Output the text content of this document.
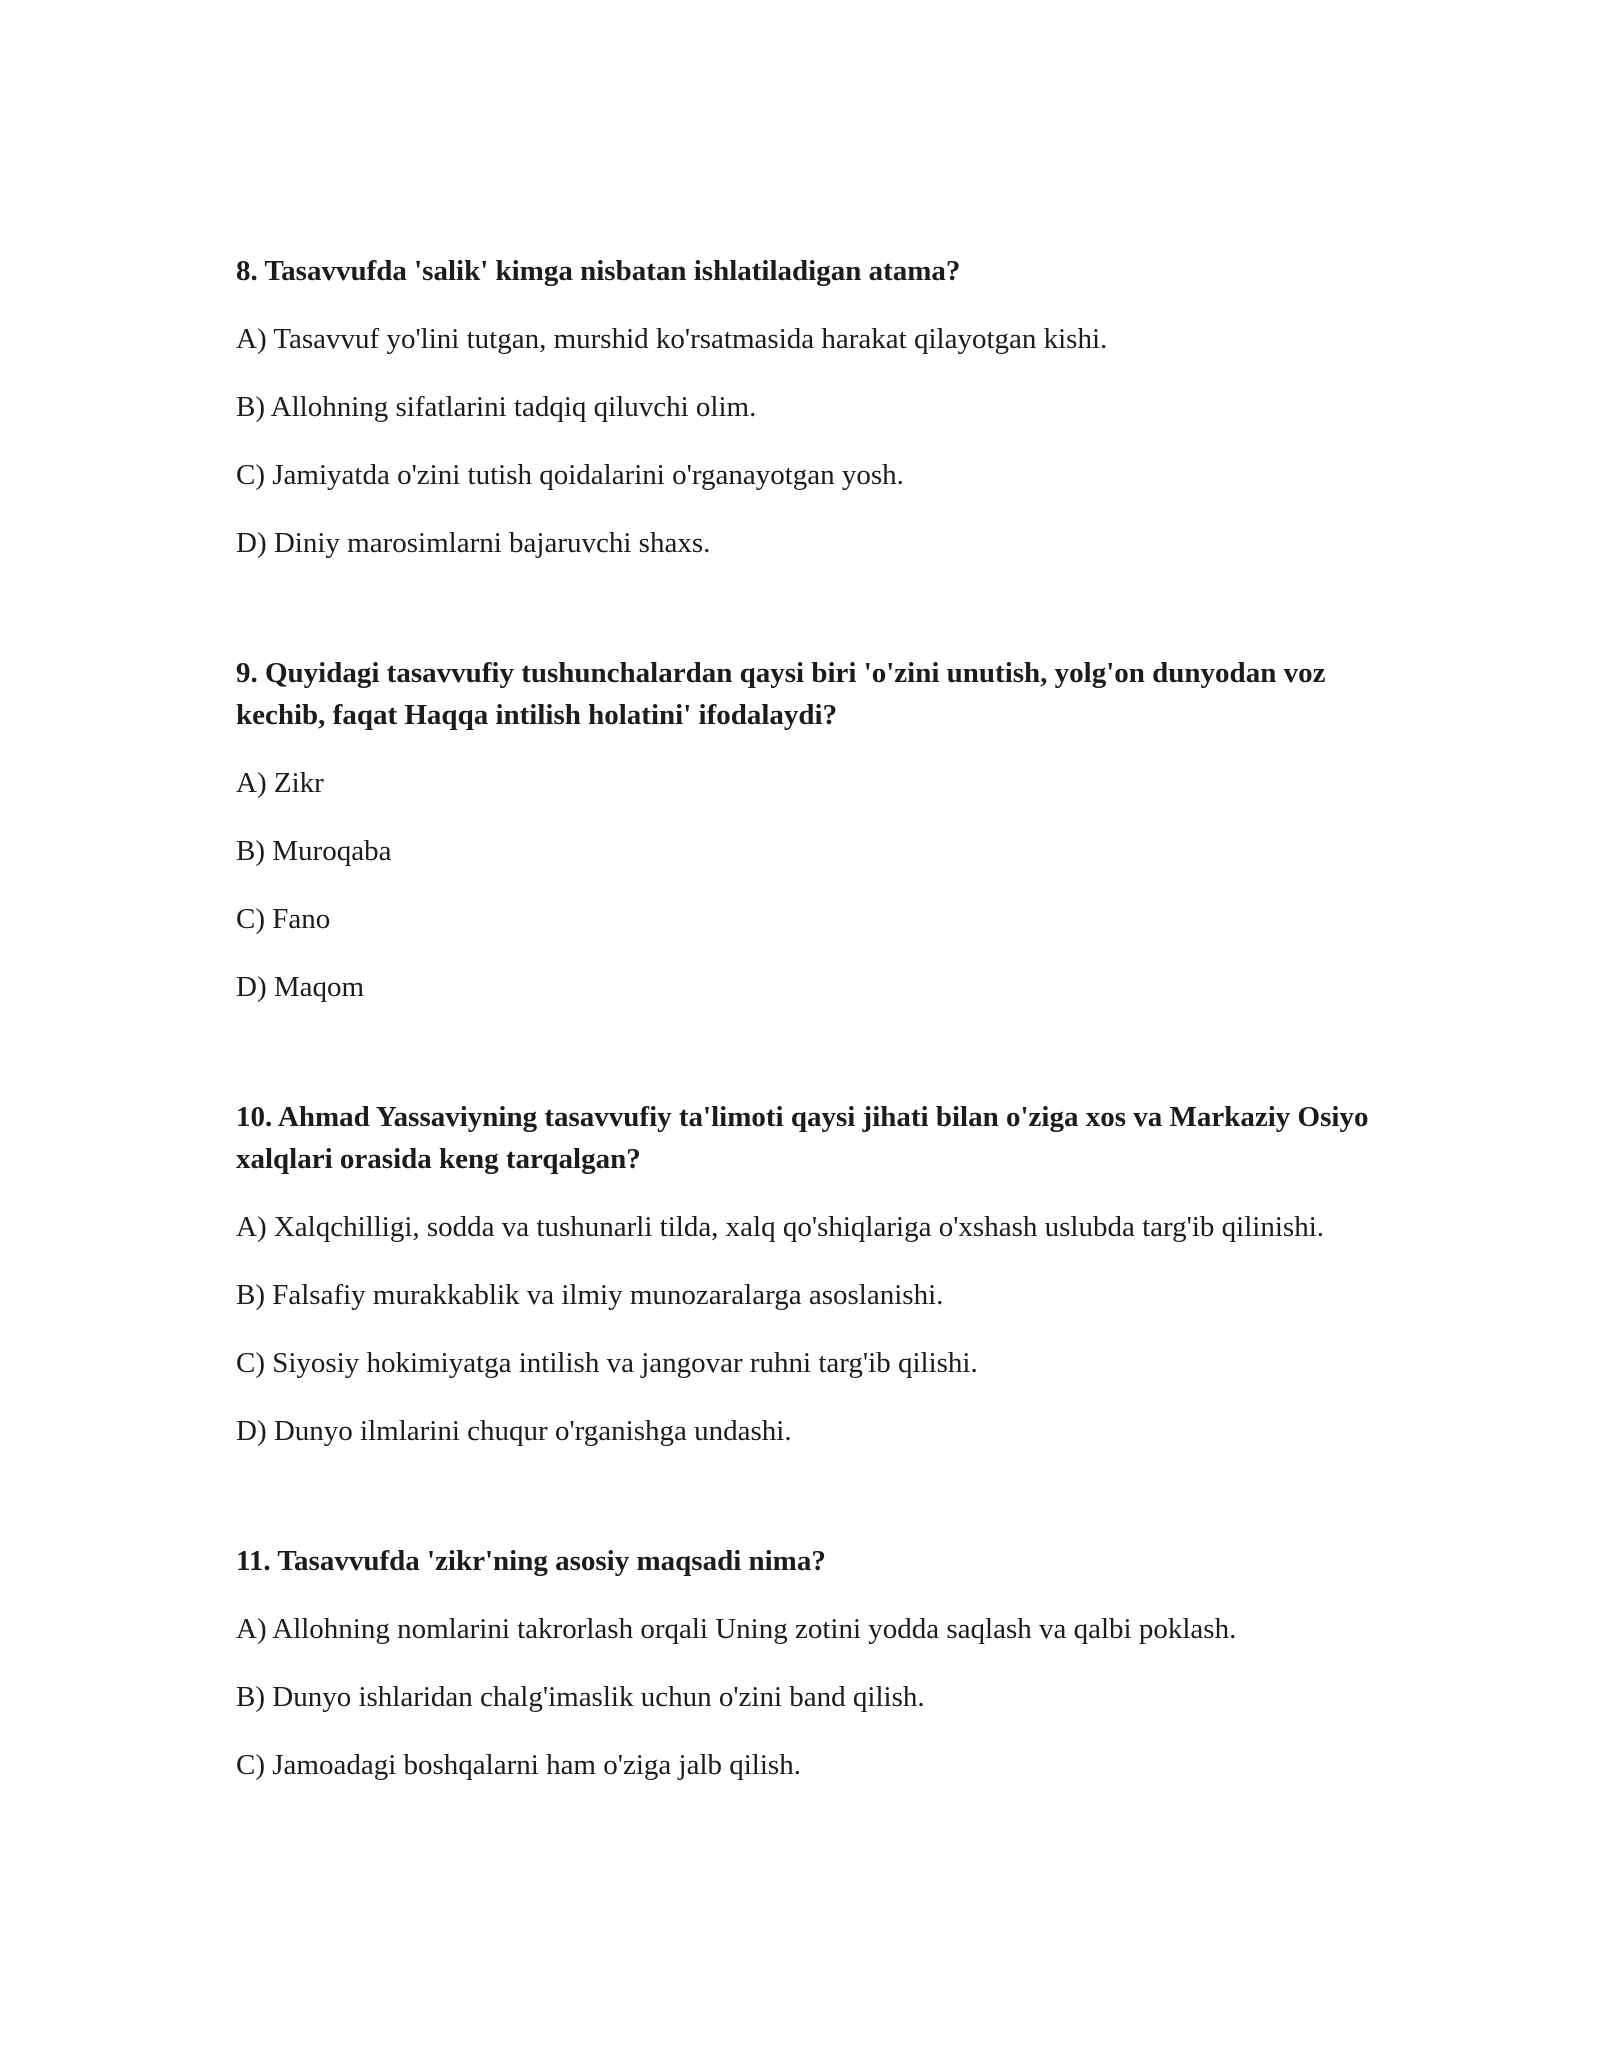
8. Tasavvufda 'salik' kimga nisbatan ishlatiladigan atama?

A) Tasavvuf yo'lini tutgan, murshid ko'rsatmasida harakat qilayotgan kishi.

B) Allohning sifatlarini tadqiq qiluvchi olim.

C) Jamiyatda o'zini tutish qoidalarini o'rganayotgan yosh.

D) Diniy marosimlarni bajaruvchi shaxs.

9. Quyidagi tasavvufiy tushunchalardan qaysi biri 'o'zini unutish, yolg'on dunyodan voz kechib, faqat Haqqa intilish holatini' ifodalaydi?

A) Zikr

B) Muroqaba

C) Fano

D) Maqom

10. Ahmad Yassaviyning tasavvufiy ta'limoti qaysi jihati bilan o'ziga xos va Markaziy Osiyo xalqlari orasida keng tarqalgan?

A) Xalqchilligi, sodda va tushunarli tilda, xalq qo'shiqlariga o'xshash uslubda targ'ib qilinishi.

B) Falsafiy murakkablik va ilmiy munozaralarga asoslanishi.

C) Siyosiy hokimiyatga intilish va jangovar ruhni targ'ib qilishi.

D) Dunyo ilmlarini chuqur o'rganishga undashi.

11. Tasavvufda 'zikr'ning asosiy maqsadi nima?

A) Allohning nomlarini takrorlash orqali Uning zotini yodda saqlash va qalbi poklash.

B) Dunyo ishlaridan chalg'imaslik uchun o'zini band qilish.

C) Jamoadagi boshqalarni ham o'ziga jalb qilish.
